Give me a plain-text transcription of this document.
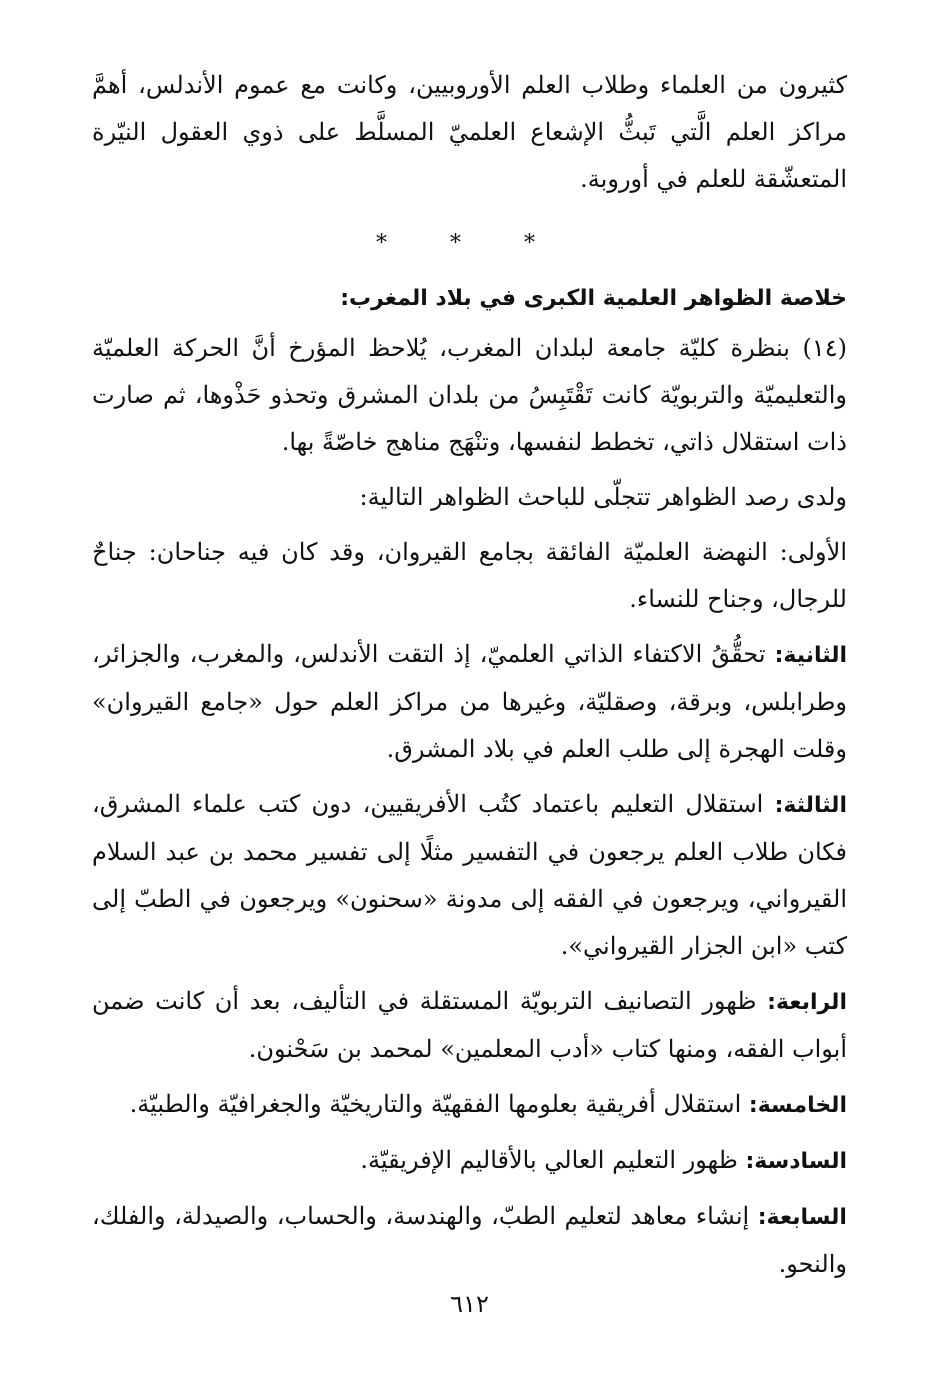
كثيرون من العلماء وطلاب العلم الأوروبيين، وكانت مع عموم الأندلس، أهمَّ مراكز العلم الَّتي تَبثُّ الإشعاع العلميّ المسلَّط على ذوي العقول النيّرة المتعشّقة للعلم في أوروبة.

* * *
خلاصة الظواهر العلمية الكبرى في بلاد المغرب:

(١٤) بنظرة كليّة جامعة لبلدان المغرب، يُلاحظ المؤرخ أنَّ الحركة العلميّة والتعليميّة والتربويّة كانت تَقْتَبِسُ من بلدان المشرق وتحذو حَذْوها، ثم صارت ذات استقلال ذاتي، تخطط لنفسها، وتنْهَج مناهج خاصّةً بها.

ولدى رصد الظواهر تتجلّى للباحث الظواهر التالية:

الأولى: النهضة العلميّة الفائقة بجامع القيروان، وقد كان فيه جناحان: جناحٌ للرجال، وجناح للنساء.

الثانية: تحقُّقُ الاكتفاء الذاتي العلميّ، إذ التقت الأندلس، والمغرب، والجزائر، وطرابلس، وبرقة، وصقليّة، وغيرها من مراكز العلم حول «جامع القيروان» وقلت الهجرة إلى طلب العلم في بلاد المشرق.

الثالثة: استقلال التعليم باعتماد كتُب الأفريقيين، دون كتب علماء المشرق، فكان طلاب العلم يرجعون في التفسير مثلًا إلى تفسير محمد بن عبد السلام القيرواني، ويرجعون في الفقه إلى مدونة «سحنون» ويرجعون في الطبّ إلى كتب «ابن الجزار القيرواني».

الرابعة: ظهور التصانيف التربويّة المستقلة في التأليف، بعد أن كانت ضمن أبواب الفقه، ومنها كتاب «أدب المعلمين» لمحمد بن سَحْنون.

الخامسة: استقلال أفريقية بعلومها الفقهيّة والتاريخيّة والجغرافيّة والطبيّة.

السادسة: ظهور التعليم العالي بالأقاليم الإفريقيّة.

السابعة: إنشاء معاهد لتعليم الطبّ، والهندسة، والحساب، والصيدلة، والفلك، والنحو.

٦١٢
